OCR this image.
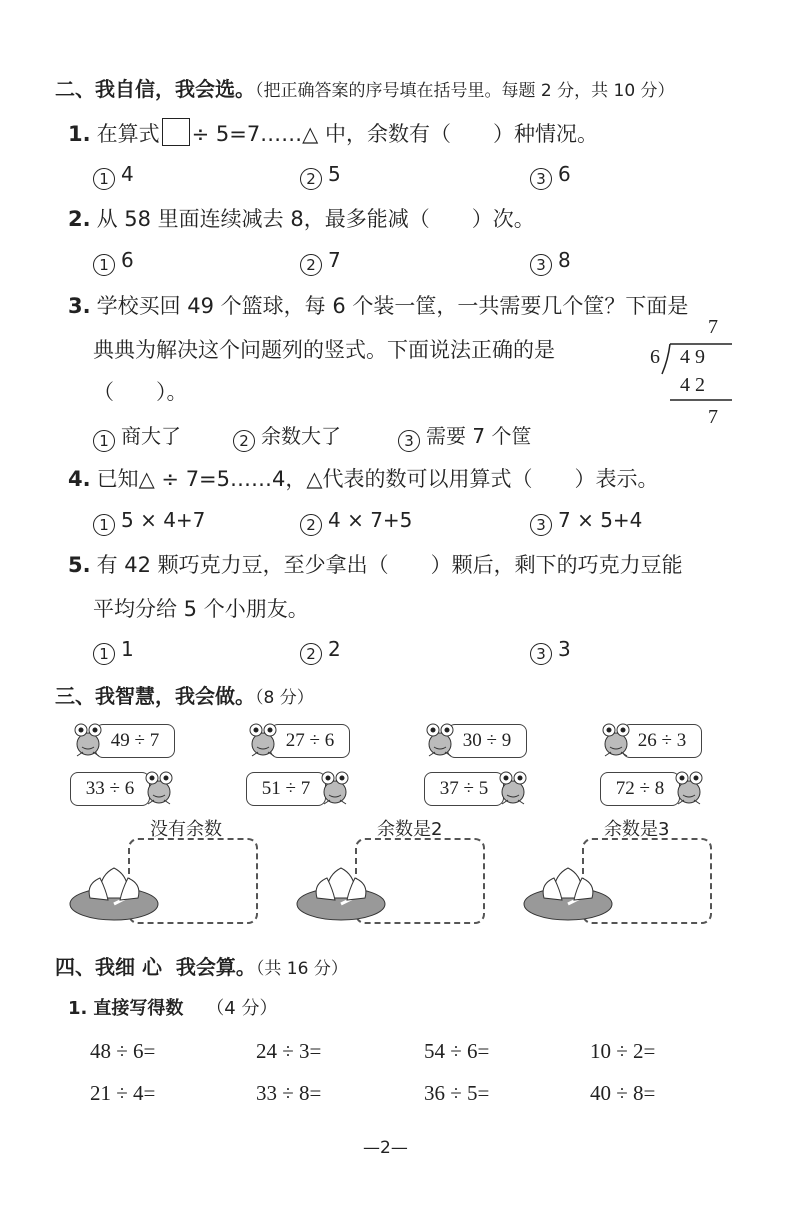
二、我自信，我会选。（把正确答案的序号填在括号里。每题 2 分，共 10 分）
1. 在算式 ÷ 5=7……△ 中，余数有（　　）种情况。
1 4	2 5	3 6
2. 从 58 里面连续减去 8，最多能减（　　）次。
1 6	2 7	3 8
3. 学校买回 49 个篮球，每 6 个装一筐，一共需要几个筐？下面是
典典为解决这个问题列的竖式。下面说法正确的是
（　　）。
7
6 4 9
4 2
7
1 商大了	2 余数大了	3 需要 7 个筐
4. 已知△ ÷ 7=5……4，△代表的数可以用算式（　　）表示。
1 5 × 4+7	2 4 × 7+5	3 7 × 5+4
5. 有 42 颗巧克力豆，至少拿出（　　）颗后，剩下的巧克力豆能
平均分给 5 个小朋友。
1 1	2 2	3 3
三、我智慧，我会做。（8 分）
49 ÷ 7	27 ÷ 6	30 ÷ 9	26 ÷ 3
33 ÷ 6	51 ÷ 7	37 ÷ 5	72 ÷ 8
没有余数	余数是2	余数是3
四、我细 心 我会算。（共 16 分）
1. 直接写得数 （4 分）
48 ÷ 6=	24 ÷ 3=	54 ÷ 6=	10 ÷ 2=
21 ÷ 4=	33 ÷ 8=	36 ÷ 5=	40 ÷ 8=
—2—
